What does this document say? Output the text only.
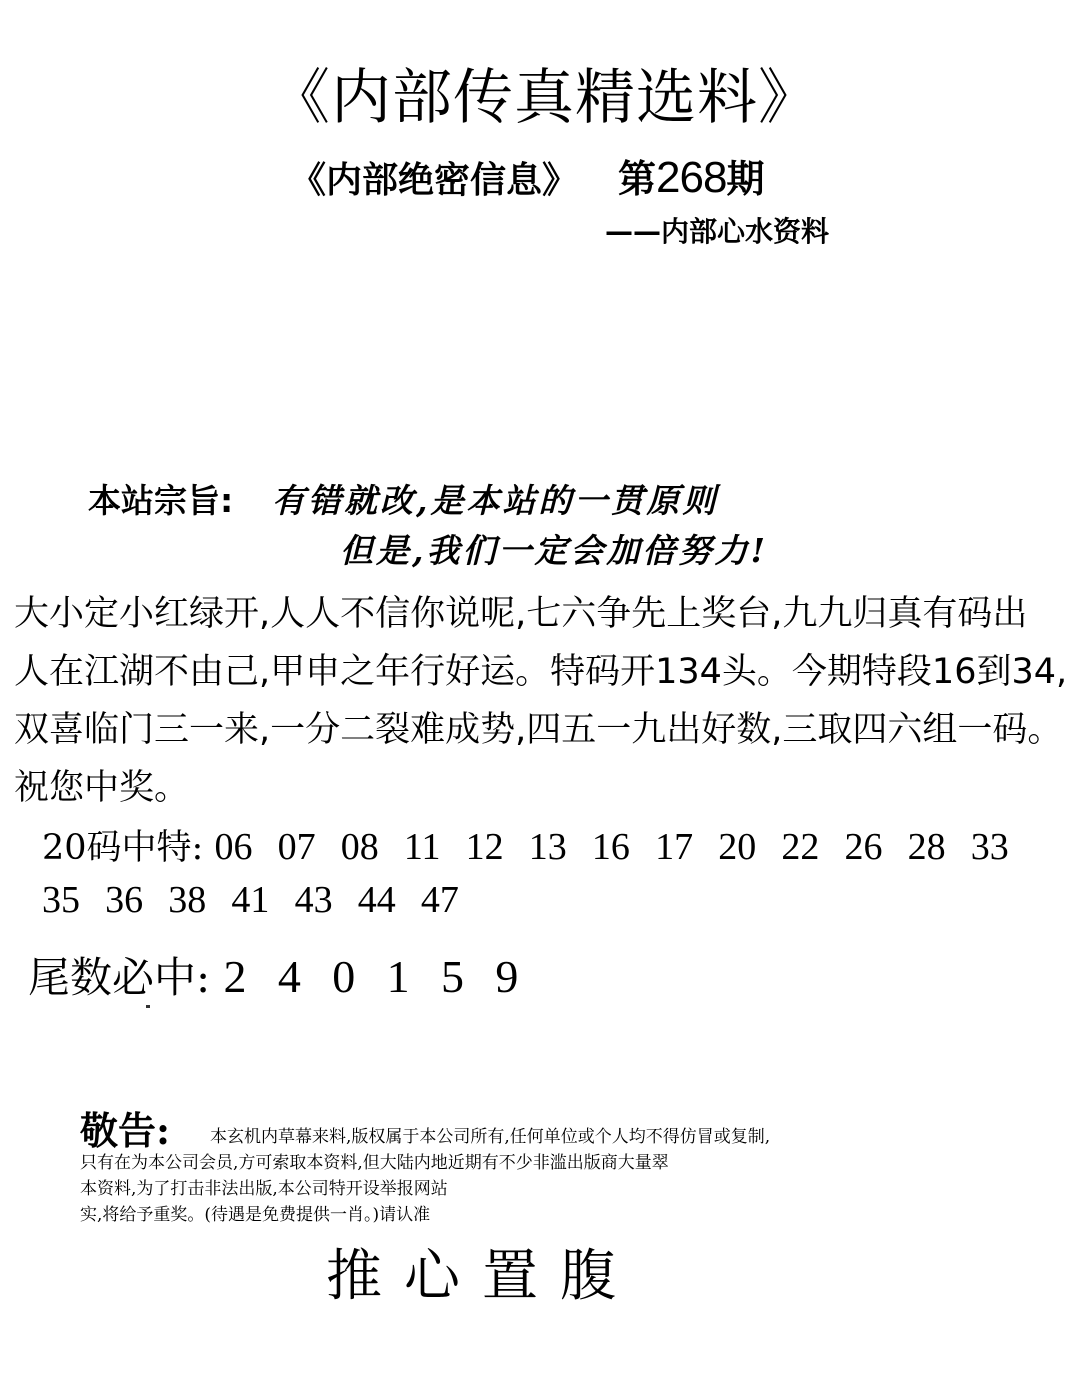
《内部传真精选料》
《内部绝密信息》 第268期
——内部心水资料
本站宗旨: 有错就改,是本站的一贯原则
但是,我们一定会加倍努力!
大小定小红绿开,人人不信你说呢,七六争先上奖台,九九归真有码出
人在江湖不由己,甲申之年行好运。特码开134头。今期特段16到34,
双喜临门三一来,一分二裂难成势,四五一九出好数,三取四六组一码。
祝您中奖。
20码中特: 06 07 08 11 12 13 16 17 20 22 26 28 33
35 36 38 41 43 44 47
尾数必中: 2 4 0 1 5 9
敬告: 本玄机内草幕来料,版权属于本公司所有,任何单位或个人均不得仿冒或复制,
只有在为本公司会员,方可索取本资料,但大陆内地近期有不少非滥出版商大量翠
本资料,为了打击非法出版,本公司特开设举报网站
实,将给予重奖。(待遇是免费提供一肖。)请认准
推心置腹
